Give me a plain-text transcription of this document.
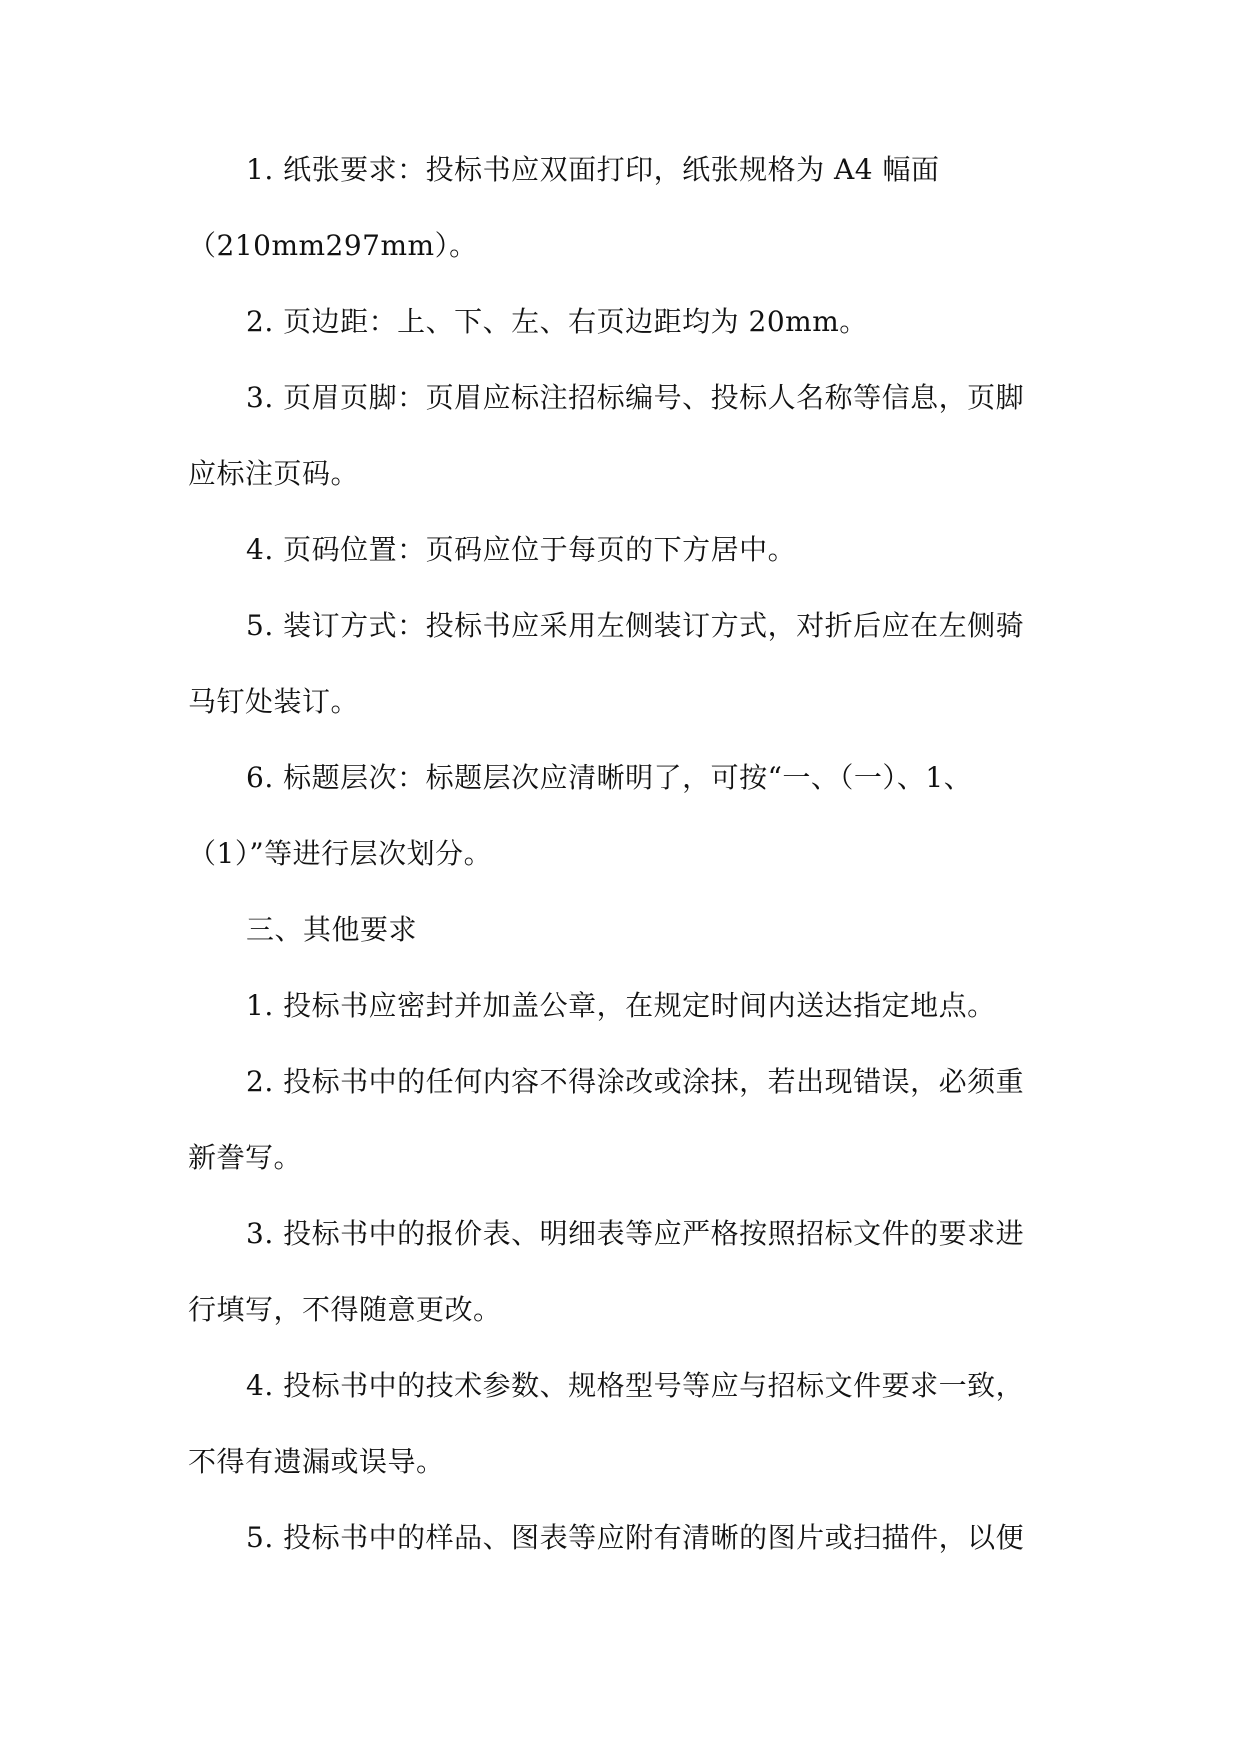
1. 纸张要求：投标书应双面打印，纸张规格为 A4 幅面
（210mm297mm）。
2. 页边距：上、下、左、右页边距均为 20mm。
3. 页眉页脚：页眉应标注招标编号、投标人名称等信息，页脚
应标注页码。
4. 页码位置：页码应位于每页的下方居中。
5. 装订方式：投标书应采用左侧装订方式，对折后应在左侧骑
马钉处装订。
6. 标题层次：标题层次应清晰明了，可按“一、（一）、1、
（1）”等进行层次划分。
三、其他要求
1. 投标书应密封并加盖公章，在规定时间内送达指定地点。
2. 投标书中的任何内容不得涂改或涂抹，若出现错误，必须重
新誊写。
3. 投标书中的报价表、明细表等应严格按照招标文件的要求进
行填写，不得随意更改。
4. 投标书中的技术参数、规格型号等应与招标文件要求一致，
不得有遗漏或误导。
5. 投标书中的样品、图表等应附有清晰的图片或扫描件，以便
